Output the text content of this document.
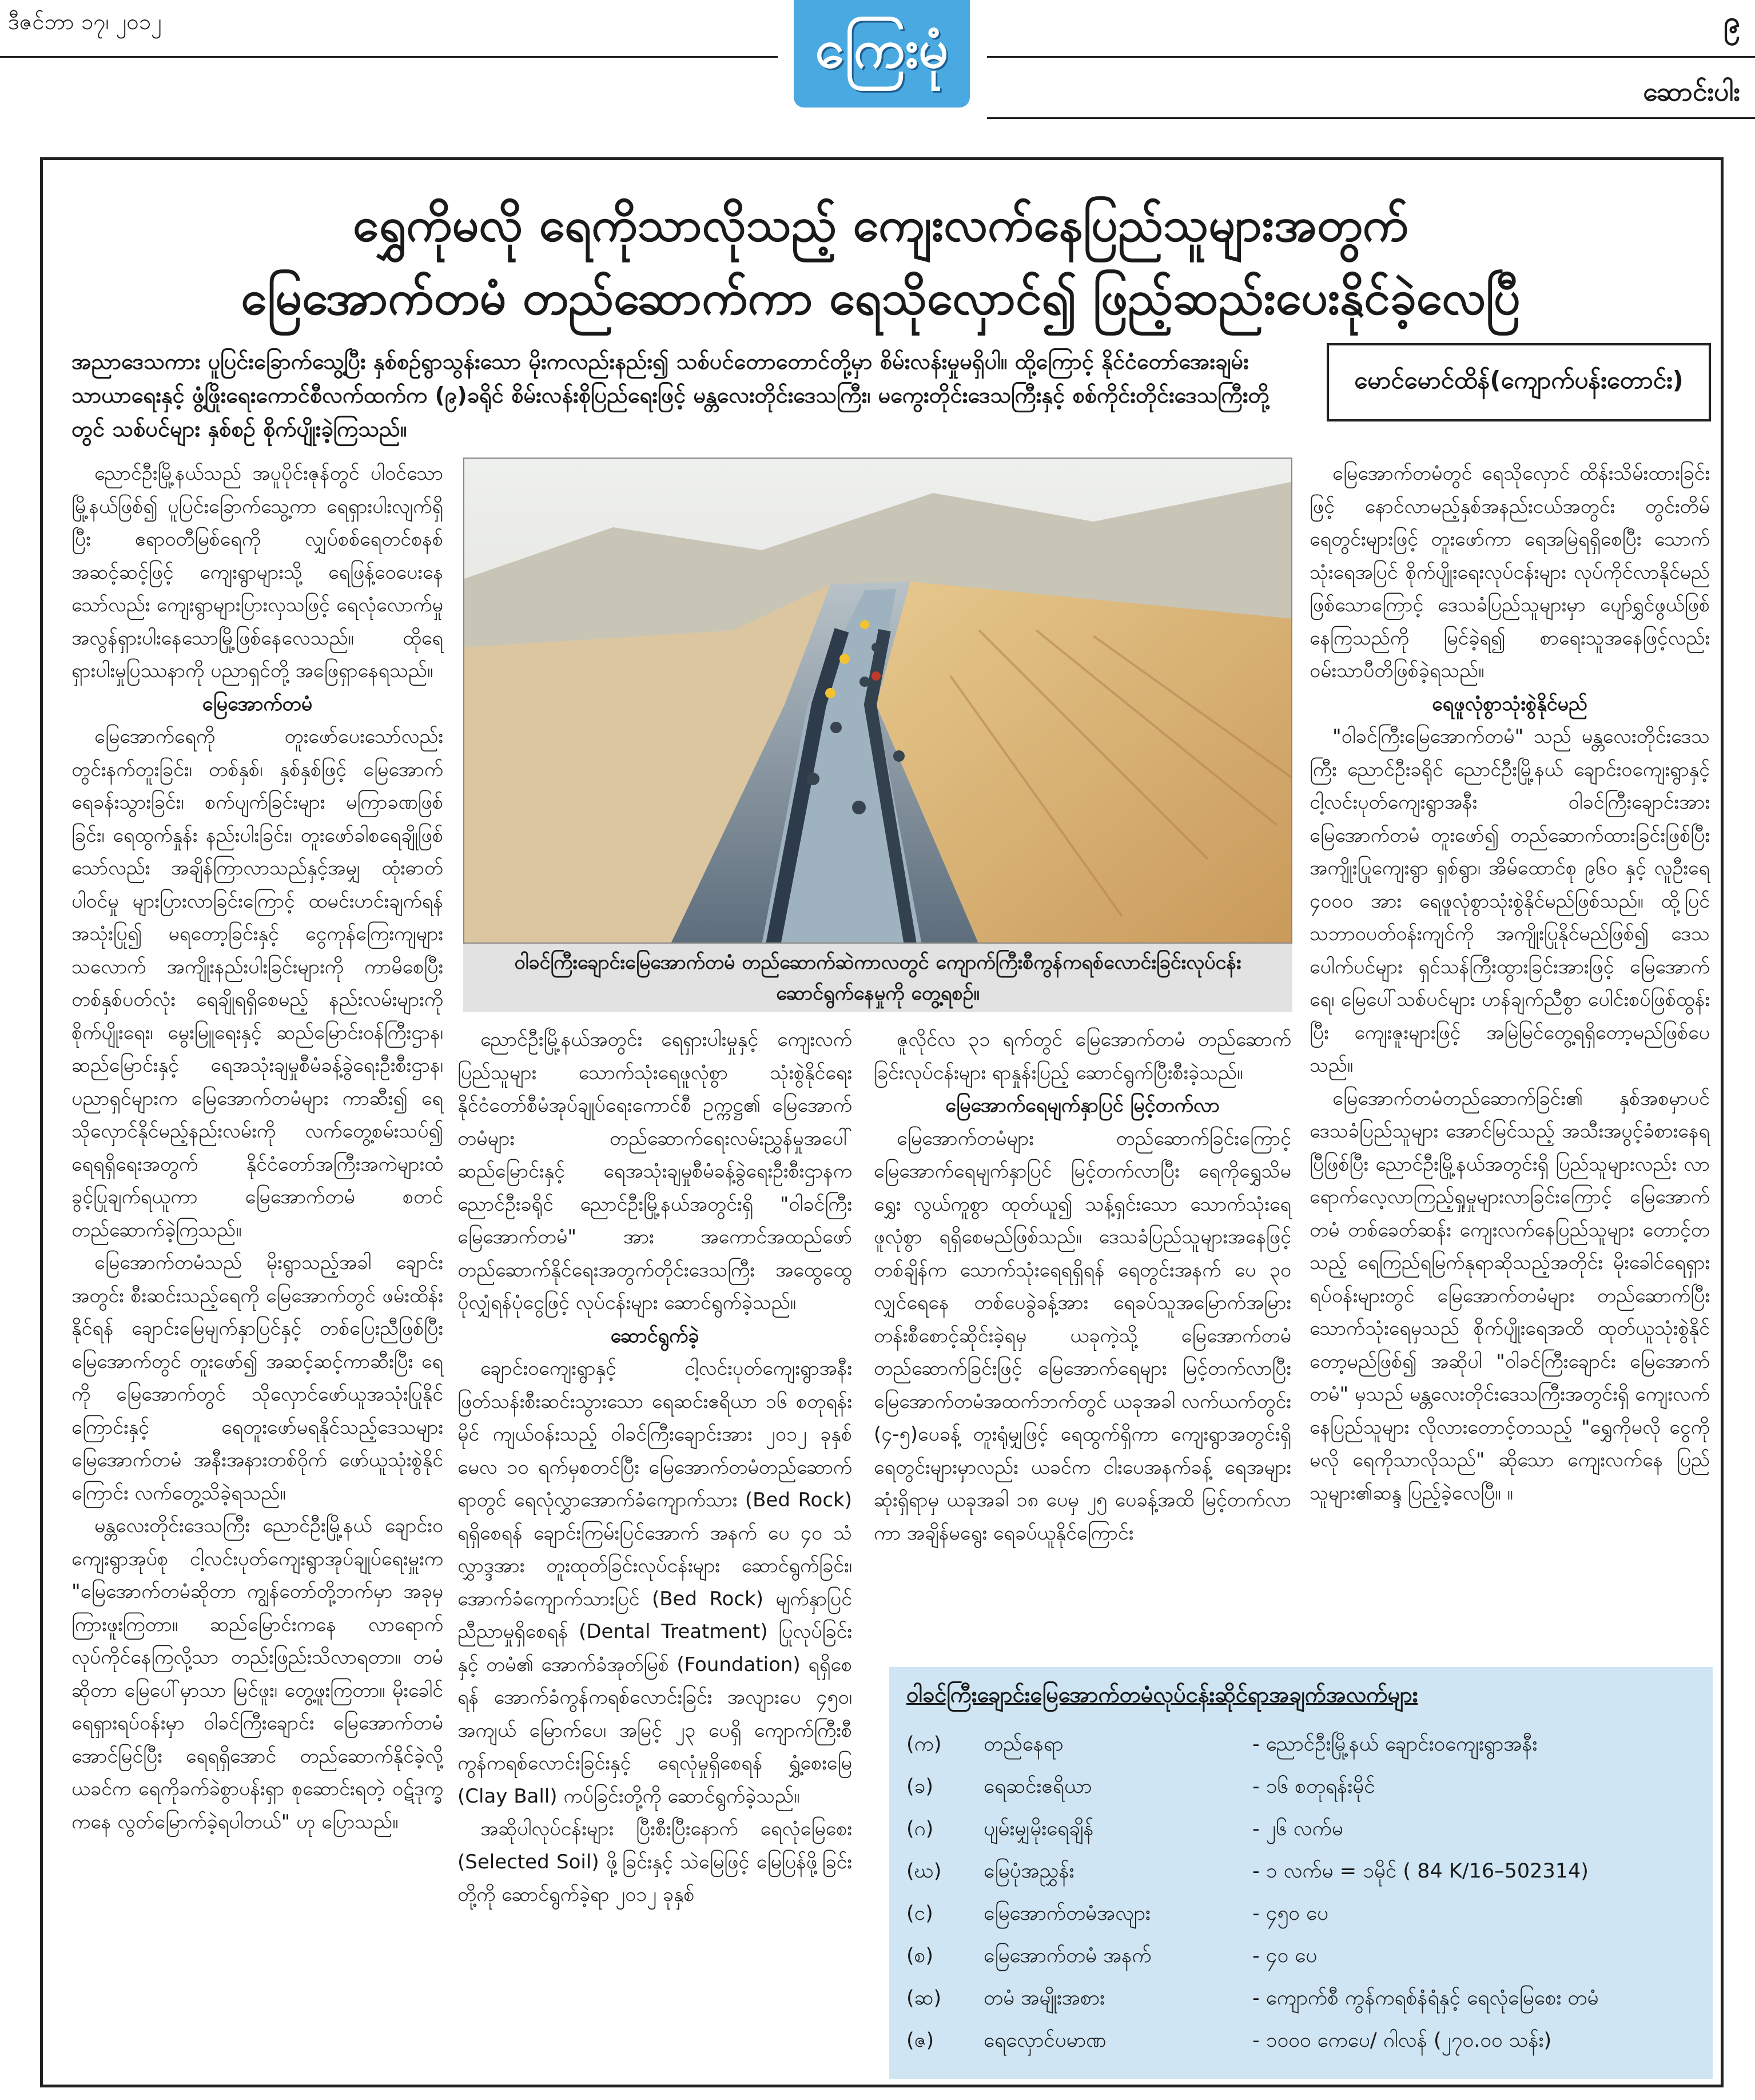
ဒီဇင်ဘာ ၁၇၊ ၂၀၁၂	ကြေးမုံ	၉
ဆောင်းပါး
ရွှေကိုမလို ရေကိုသာလိုသည့် ကျေးလက်နေပြည်သူများအတွက်
မြေအောက်တမံ တည်ဆောက်ကာ ရေသိုလှောင်၍ ဖြည့်ဆည်းပေးနိုင်ခဲ့လေပြီ
အညာဒေသကား ပူပြင်းခြောက်သွေ့ပြီး နှစ်စဉ်ရွာသွန်းသော မိုးကလည်းနည်း၍ သစ်ပင်တောတောင်တို့မှာ စိမ်းလန်းမှုမရှိပါ။ ထို့ကြောင့် နိုင်ငံတော်အေးချမ်းသာယာရေးနှင့် ဖွံ့ဖြိုးရေးကောင်စီလက်ထက်က (၉)ခရိုင် စိမ်းလန်းစိုပြည်ရေးဖြင့် မန္တလေးတိုင်းဒေသကြီး၊ မကွေးတိုင်းဒေသကြီးနှင့် စစ်ကိုင်းတိုင်းဒေသကြီးတို့တွင် သစ်ပင်များ နှစ်စဉ် စိုက်ပျိုးခဲ့ကြသည်။
မောင်မောင်ထိန်(ကျောက်ပန်းတောင်း)
ဝါခင်ကြီးချောင်းမြေအောက်တမံ တည်ဆောက်ဆဲကာလတွင် ကျောက်ကြီးစီကွန်ကရစ်လောင်းခြင်းလုပ်ငန်း ဆောင်ရွက်နေမှုကို တွေ့ရစဉ်။

ညောင်ဦးမြို့နယ်သည် အပူပိုင်းဇုန်တွင် ပါဝင်သောမြို့နယ်ဖြစ်၍ ပူပြင်းခြောက်သွေ့ကာ ရေရှားပါးလျက်ရှိပြီး ဧရာဝတီမြစ်ရေကို လျှပ်စစ်ရေတင်စနစ် အဆင့်ဆင့်ဖြင့် ကျေးရွာများသို့ ရေဖြန့်ဝေပေးနေသော်လည်း ကျေးရွာများပြားလှသဖြင့် ရေလုံလောက်မှု အလွန်ရှားပါးနေသောမြို့ဖြစ်နေလေသည်။ ထိုရေရှားပါးမှုပြဿနာကို ပညာရှင်တို့ အဖြေရှာနေရသည်။

မြေအောက်တမံ

မြေအောက်ရေကို တူးဖော်ပေးသော်လည်း တွင်းနက်တူးခြင်း၊ တစ်နှစ်၊ နှစ်နှစ်ဖြင့် မြေအောက်ရေခန်းသွားခြင်း၊ စက်ပျက်ခြင်းများ မကြာခဏဖြစ်ခြင်း၊ ရေထွက်နှုန်း နည်းပါးခြင်း၊ တူးဖော်ခါစရေချိုဖြစ်သော်လည်း အချိန်ကြာလာသည်နှင့်အမျှ ထုံးဓာတ်ပါဝင်မှု များပြားလာခြင်းကြောင့် ထမင်းဟင်းချက်ရန် အသုံးပြု၍ မရတော့ခြင်းနှင့် ငွေကုန်ကြေးကျများသလောက် အကျိုးနည်းပါးခြင်းများကို ကာမိစေပြီး တစ်နှစ်ပတ်လုံး ရေချိုရရှိစေမည့် နည်းလမ်းများကို စိုက်ပျိုးရေး၊ မွေးမြူရေးနှင့် ဆည်မြောင်းဝန်ကြီးဌာန၊ ဆည်မြောင်းနှင့် ရေအသုံးချမှုစီမံခန့်ခွဲရေးဦးစီးဌာန၊ ပညာရှင်များက မြေအောက်တမံများ ကာဆီး၍ ရေသိုလှောင်နိုင်မည့်နည်းလမ်းကို လက်တွေ့စမ်းသပ်၍ ရေရရှိရေးအတွက် နိုင်ငံတော်အကြီးအကဲများထံ ခွင့်ပြုချက်ရယူကာ မြေအောက်တမံ စတင်တည်ဆောက်ခဲ့ကြသည်။

မြေအောက်တမံသည် မိုးရွာသည့်အခါ ချောင်းအတွင်း စီးဆင်းသည့်ရေကို မြေအောက်တွင် ဖမ်းထိန်းနိုင်ရန် ချောင်းမြေမျက်နှာပြင်နှင့် တစ်ပြေးညီဖြစ်ပြီး မြေအောက်တွင် တူးဖော်၍ အဆင့်ဆင့်ကာဆီးပြီး ရေကို မြေအောက်တွင် သိုလှောင်ဖော်ယူအသုံးပြုနိုင်ကြောင်းနှင့် ရေတူးဖော်မရနိုင်သည့်ဒေသများ မြေအောက်တမံ အနီးအနားတစ်ဝိုက် ဖော်ယူသုံးစွဲနိုင်ကြောင်း လက်တွေ့သိခဲ့ရသည်။

မန္တလေးတိုင်းဒေသကြီး ညောင်ဦးမြို့နယ် ချောင်းဝကျေးရွာအုပ်စု ငါ့လင်းပုတ်ကျေးရွာအုပ်ချုပ်ရေးမှူးက "မြေအောက်တမံဆိုတာ ကျွန်တော်တို့ဘက်မှာ အခုမှ ကြားဖူးကြတာ။ ဆည်မြောင်းကနေ လာရောက်လုပ်ကိုင်နေကြလို့သာ တည်းဖြည်းသိလာရတာ။ တမံဆိုတာ မြေပေါ်မှာသာ မြင်ဖူး၊ တွေ့ဖူးကြတာ။ မိုးခေါင်ရေရှားရပ်ဝန်းမှာ ဝါခင်ကြီးချောင်း မြေအောက်တမံ အောင်မြင်ပြီး ရေရရှိအောင် တည်ဆောက်နိုင်ခဲ့လို့ ယခင်က ရေကိုခက်ခဲစွာပန်းရှာ စုဆောင်းရတဲ့ ဝဋ်ဒုက္ခကနေ လွတ်မြောက်ခဲ့ရပါတယ်" ဟု ပြောသည်။

ညောင်ဦးမြို့နယ်အတွင်း ရေရှားပါးမှုနှင့် ကျေးလက်ပြည်သူများ သောက်သုံးရေဖူလုံစွာ သုံးစွဲနိုင်ရေး နိုင်ငံတော်စီမံအုပ်ချုပ်ရေးကောင်စီ ဥက္ကဋ္ဌ၏ မြေအောက်တမံများ တည်ဆောက်ရေးလမ်းညွှန်မှုအပေါ် ဆည်မြောင်းနှင့် ရေအသုံးချမှုစီမံခန့်ခွဲရေးဦးစီးဌာနက ညောင်ဦးခရိုင် ညောင်ဦးမြို့နယ်အတွင်းရှိ "ဝါခင်ကြီးမြေအောက်တမံ" အား အကောင်အထည်ဖော် တည်ဆောက်နိုင်ရေးအတွက်တိုင်းဒေသကြီး အထွေထွေပိုလျှံရန်ပုံငွေဖြင့် လုပ်ငန်းများ ဆောင်ရွက်ခဲ့သည်။

ဆောင်ရွက်ခဲ့

ချောင်းဝကျေးရွာနှင့် ငါ့လင်းပုတ်ကျေးရွာအနီးဖြတ်သန်းစီးဆင်းသွားသော ရေဆင်းဧရိယာ ၁၆ စတုရန်းမိုင် ကျယ်ဝန်းသည့် ဝါခင်ကြီးချောင်းအား ၂၀၁၂ ခုနှစ် မေလ ၁၀ ရက်မှစတင်ပြီး မြေအောက်တမံတည်ဆောက်ရာတွင် ရေလုံလွှာအောက်ခံကျောက်သား (Bed Rock) ရရှိစေရန် ချောင်းကြမ်းပြင်အောက် အနက် ပေ ၄၀ သံလွှာဒ္ဒအား တူးထုတ်ခြင်းလုပ်ငန်းများ ဆောင်ရွက်ခြင်း၊ အောက်ခံကျောက်သားပြင် (Bed Rock) မျက်နှာပြင် ညီညာမှုရှိစေရန် (Dental Treatment) ပြုလုပ်ခြင်းနှင့် တမံ၏ အောက်ခံအုတ်မြစ် (Foundation) ရရှိစေရန် အောက်ခံကွန်ကရစ်လောင်းခြင်း အလျားပေ ၄၅၀၊ အကျယ် မြောက်ပေ၊ အမြင့် ၂၃ ပေရှိ ကျောက်ကြီးစီကွန်ကရစ်လောင်းခြင်းနှင့် ရေလုံမှုရှိစေရန် ရွှံ့စေးမြေ (Clay Ball) ကပ်ခြင်းတို့ကို ဆောင်ရွက်ခဲ့သည်။

အဆိုပါလုပ်ငန်းများ ပြီးစီးပြီးနောက် ရေလုံမြေစေး (Selected Soil) ဖို့ခြင်းနှင့် သဲမြေဖြင့် မြေပြန်ဖို့ခြင်းတို့ကို ဆောင်ရွက်ခဲ့ရာ ၂၀၁၂ ခုနှစ်

ဇူလိုင်လ ၃၁ ရက်တွင် မြေအောက်တမံ တည်ဆောက်ခြင်းလုပ်ငန်းများ ရာနှုန်းပြည့် ဆောင်ရွက်ပြီးစီးခဲ့သည်။

မြေအောက်ရေမျက်နှာပြင် မြင့်တက်လာ

မြေအောက်တမံများ တည်ဆောက်ခြင်းကြောင့် မြေအောက်ရေမျက်နှာပြင် မြင့်တက်လာပြီး ရေကိုရွှေသိမရွှေး လွယ်ကူစွာ ထုတ်ယူ၍ သန့်ရှင်းသော သောက်သုံးရေဖူလုံစွာ ရရှိစေမည်ဖြစ်သည်။ ဒေသခံပြည်သူများအနေဖြင့် တစ်ချိန်က သောက်သုံးရေရရှိရန် ရေတွင်းအနက် ပေ ၃၀ လျှင်ရေနေ တစ်ပေခွဲခန့်အား ရေခပ်သူအမြောက်အမြား တန်းစီစောင့်ဆိုင်းခဲ့ရမှ ယခုကဲ့သို့ မြေအောက်တမံ တည်ဆောက်ခြင်းဖြင့် မြေအောက်ရေများ မြင့်တက်လာပြီး မြေအောက်တမံအထက်ဘက်တွင် ယခုအခါ လက်ယက်တွင်း (၄-၅)ပေခန့် တူးရုံမျှဖြင့် ရေထွက်ရှိကာ ကျေးရွာအတွင်းရှိ ရေတွင်းများမှာလည်း ယခင်က ငါးပေအနက်ခန့် ရေအများဆုံးရှိရာမှ ယခုအခါ ၁၈ ပေမှ ၂၅ ပေခန့်အထိ မြင့်တက်လာကာ အချိန်မရွေး ရေခပ်ယူနိုင်ကြောင်း

မြေအောက်တမံတွင် ရေသိုလှောင် ထိန်းသိမ်းထားခြင်းဖြင့် နောင်လာမည့်နှစ်အနည်းငယ်အတွင်း တွင်းတိမ်ရေတွင်းများဖြင့် တူးဖော်ကာ ရေအမြဲရရှိစေပြီး သောက်သုံးရေအပြင် စိုက်ပျိုးရေးလုပ်ငန်းများ လုပ်ကိုင်လာနိုင်မည်ဖြစ်သောကြောင့် ဒေသခံပြည်သူများမှာ ပျော်ရွှင်ဖွယ်ဖြစ်နေကြသည်ကို မြင်ခဲ့ရ၍ စာရေးသူအနေဖြင့်လည်း ဝမ်းသာပီတိဖြစ်ခဲ့ရသည်။

ရေဖူလုံစွာသုံးစွဲနိုင်မည်

"ဝါခင်ကြီးမြေအောက်တမံ" သည် မန္တလေးတိုင်းဒေသကြီး ညောင်ဦးခရိုင် ညောင်ဦးမြို့နယ် ချောင်းဝကျေးရွာနှင့် ငါ့လင်းပုတ်ကျေးရွာအနီး ဝါခင်ကြီးချောင်းအား မြေအောက်တမံ တူးဖော်၍ တည်ဆောက်ထားခြင်းဖြစ်ပြီး အကျိုးပြုကျေးရွာ ရှစ်ရွာ၊ အိမ်ထောင်စု ၉၆၀ နှင့် လူဦးရေ ၄၀၀၀ အား ရေဖူလုံစွာသုံးစွဲနိုင်မည်ဖြစ်သည်။ ထို့ပြင် သဘာဝပတ်ဝန်းကျင်ကို အကျိုးပြုနိုင်မည်ဖြစ်၍ ဒေသပေါက်ပင်များ ရှင်သန်ကြီးထွားခြင်းအားဖြင့် မြေအောက်ရေ၊ မြေပေါ်သစ်ပင်များ ဟန်ချက်ညီစွာ ပေါင်းစပ်ဖြစ်ထွန်းပြီး ကျေးဇူးများဖြင့် အမြဲမြင်တွေ့ရရှိတော့မည်ဖြစ်ပေသည်။

မြေအောက်တမံတည်ဆောက်ခြင်း၏ နှစ်အစမှာပင် ဒေသခံပြည်သူများ အောင်မြင်သည့် အသီးအပွင့်ခံစားနေရပြီဖြစ်ပြီး ညောင်ဦးမြို့နယ်အတွင်းရှိ ပြည်သူများလည်း လာရောက်လေ့လာကြည့်ရှုမှုများလာခြင်းကြောင့် မြေအောက်တမံ တစ်ခေတ်ဆန်း ကျေးလက်နေပြည်သူများ တောင့်တသည့် ရေကြည်ရမြက်နုရာဆိုသည့်အတိုင်း မိုးခေါင်ရေရှားရပ်ဝန်းများတွင် မြေအောက်တမံများ တည်ဆောက်ပြီး သောက်သုံးရေမှသည် စိုက်ပျိုးရေအထိ ထုတ်ယူသုံးစွဲနိုင်တော့မည်ဖြစ်၍ အဆိုပါ "ဝါခင်ကြီးချောင်း မြေအောက်တမံ" မှသည် မန္တလေးတိုင်းဒေသကြီးအတွင်းရှိ ကျေးလက်နေပြည်သူများ လိုလားတောင့်တသည့် "ရွှေကိုမလို ငွေကိုမလို ရေကိုသာလိုသည်" ဆိုသော ကျေးလက်နေ ပြည်သူများ၏ဆန္ဒ ပြည့်ခဲ့လေပြီ။ ။

ဝါခင်ကြီးချောင်းမြေအောက်တမံလုပ်ငန်းဆိုင်ရာအချက်အလက်များ
(က)	တည်နေရာ	- ညောင်ဦးမြို့နယ် ချောင်းဝကျေးရွာအနီး
(ခ)	ရေဆင်းဧရိယာ	- ၁၆ စတုရန်းမိုင်
(ဂ)	ပျမ်းမျှမိုးရေချိန်	- ၂၆ လက်မ
(ဃ)	မြေပုံအညွှန်း	- ၁ လက်မ = ၁မိုင် ( 84 K/16–502314)
(င)	မြေအောက်တမံအလျား	- ၄၅၀ ပေ
(စ)	မြေအောက်တမံ အနက်	- ၄၀ ပေ
(ဆ)	တမံ အမျိုးအစား	- ကျောက်စီ ကွန်ကရစ်နံရံနှင့် ရေလုံမြေစေး တမံ
(ဇ)	ရေလှောင်ပမာဏ	- ၁၀၀၀ ကေပေ/ ဂါလန် (၂၇၀.၀၀ သန်း)
